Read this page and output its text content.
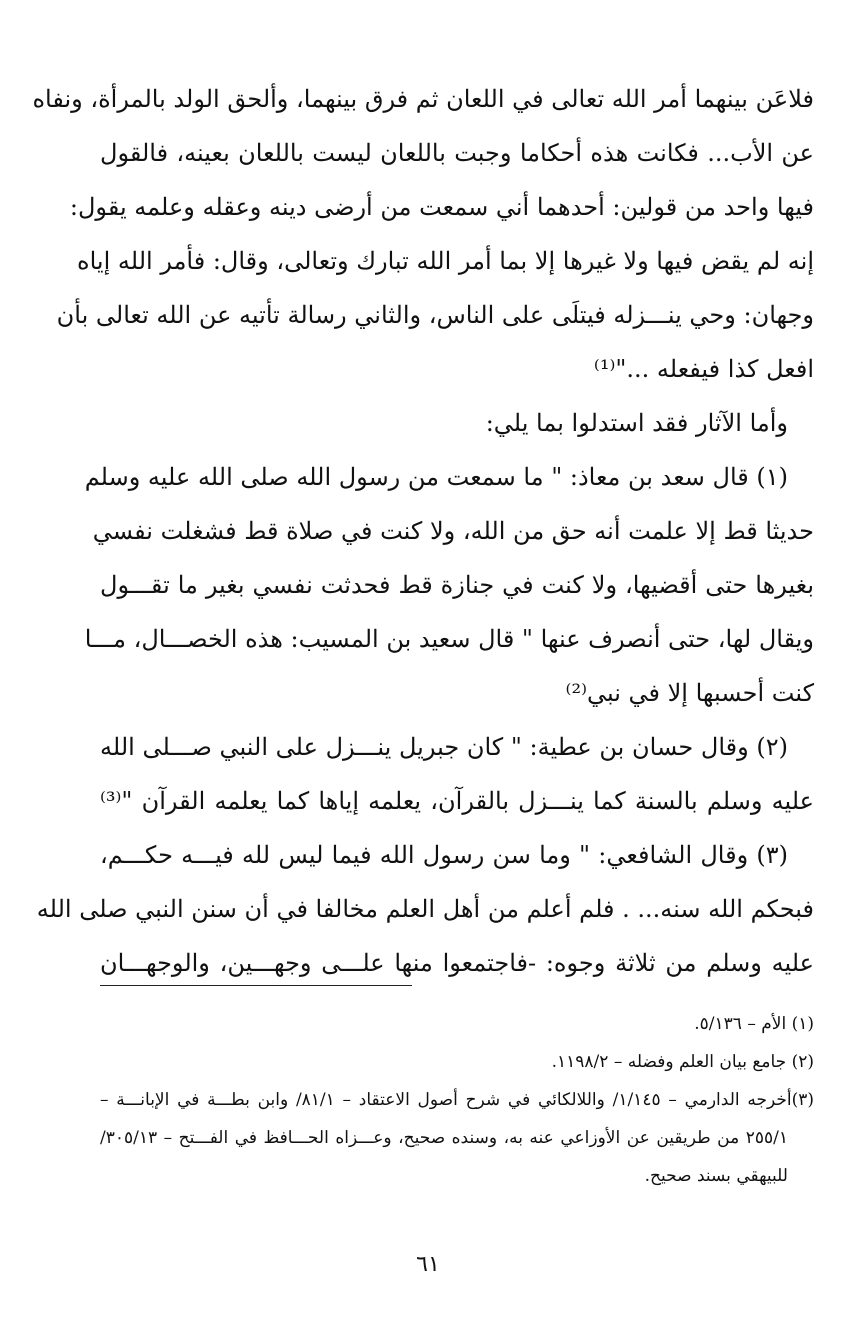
فلاعَن بينهما أمر الله تعالى في اللعان ثم فرق بينهما، وألحق الولد بالمرأة، ونفاه
عن الأب... فكانت هذه أحكاما وجبت باللعان ليست باللعان بعينه، فالقول
فيها واحد من قولين: أحدهما أني سمعت من أرضى دينه وعقله وعلمه يقول:
إنه لم يقض فيها ولا غيرها إلا بما أمر الله تبارك وتعالى، وقال: فأمر الله إياه
وجهان: وحي ينـــزله فيتلَى على الناس، والثاني رسالة تأتيه عن الله تعالى بأن
افعل كذا فيفعله ..."⁽¹⁾
وأما الآثار فقد استدلوا بما يلي:
(١) قال سعد بن معاذ: " ما سمعت من رسول الله صلى الله عليه وسلم
حديثا قط إلا علمت أنه حق من الله، ولا كنت في صلاة قط فشغلت نفسي
بغيرها حتى أقضيها، ولا كنت في جنازة قط فحدثت نفسي بغير ما تقـــول
ويقال لها، حتى أنصرف عنها " قال سعيد بن المسيب: هذه الخصـــال، مـــا
كنت أحسبها إلا في نبي⁽²⁾
(٢) وقال حسان بن عطية: " كان جبريل ينـــزل على النبي صـــلى الله
عليه وسلم بالسنة كما ينـــزل بالقرآن، يعلمه إياها كما يعلمه القرآن "⁽³⁾
(٣) وقال الشافعي: " وما سن رسول الله فيما ليس لله فيـــه حكـــم،
فبحكم الله سنه... . فلم أعلم من أهل العلم مخالفا في أن سنن النبي صلى الله
عليه وسلم من ثلاثة وجوه: -فاجتمعوا منها علـــى وجهـــين، والوجهـــان
(١) الأم – ٥/١٣٦.
(٢) جامع بيان العلم وفضله – ١١٩٨/٢.
(٣)أخرجه الدارمي – ١/١٤٥/ واللالكائي في شرح أصول الاعتقاد – ٨١/١/ وابن بطـــة في الإبانـــة –
٢٥٥/١ من طريقين عن الأوزاعي عنه به، وسنده صحيح، وعـــزاه الحـــافظ في الفـــتح – ٣٠٥/١٣/
للبيهقي بسند صحيح.
٦١
